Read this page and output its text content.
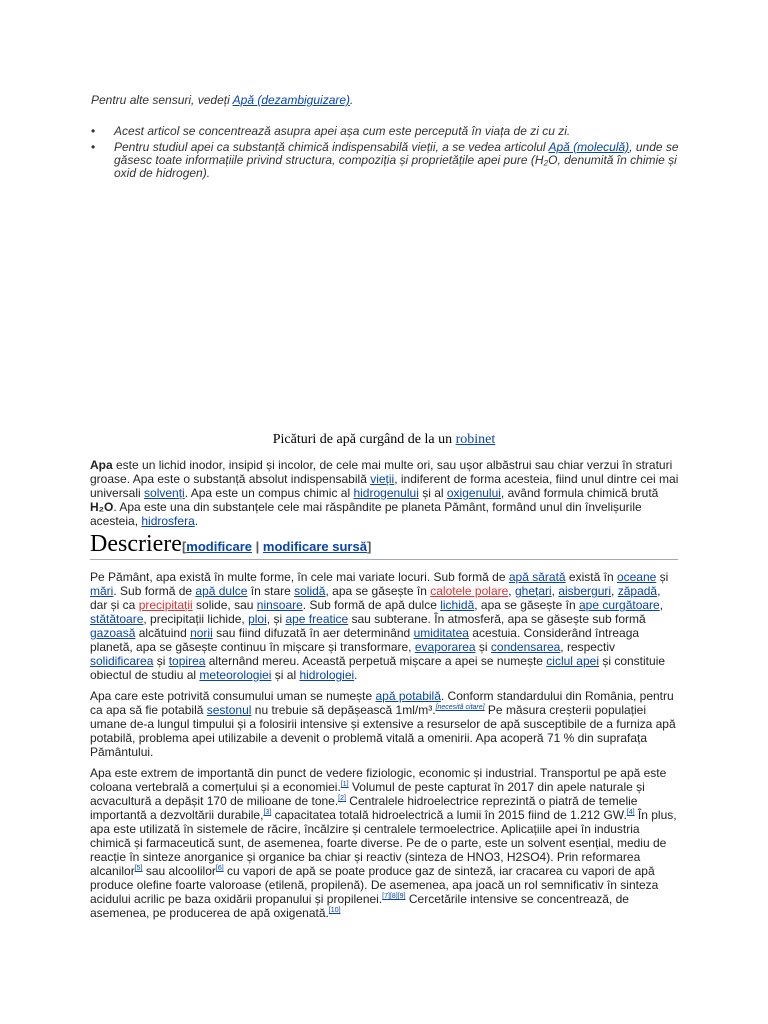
Pentru alte sensuri, vedeți Apă (dezambiguizare).

• Acest articol se concentrează asupra apei așa cum este percepută în viața de zi cu zi.
• Pentru studiul apei ca substanță chimică indispensabilă vieții, a se vedea articolul Apă (moleculă), unde se găsesc toate informațiile privind structura, compoziția și proprietățile apei pure (H₂O, denumită în chimie și oxid de hidrogen).

Picături de apă curgând de la un robinet

Apa este un lichid inodor, insipid și incolor, de cele mai multe ori, sau ușor albăstrui sau chiar verzui în straturi groase. Apa este o substanță absolut indispensabilă vieții, indiferent de forma acesteia, fiind unul dintre cei mai universali solvenți. Apa este un compus chimic al hidrogenului și al oxigenului, având formula chimică brută H₂O. Apa este una din substanțele cele mai răspândite pe planeta Pământ, formând unul din învelișurile acesteia, hidrosfera.

Descriere[modificare | modificare sursă]

Pe Pământ, apa există în multe forme, în cele mai variate locuri. Sub formă de apă sărată există în oceane și mări. Sub formă de apă dulce în stare solidă, apa se găsește în calotele polare, ghețari, aisberguri, zăpadă, dar și ca precipitații solide, sau ninsoare. Sub formă de apă dulce lichidă, apa se găsește în ape curgătoare, stătătoare, precipitații lichide, ploi, și ape freatice sau subterane. În atmosferă, apa se găsește sub formă gazoasă alcătuind norii sau fiind difuzată în aer determinând umiditatea acestuia. Considerând întreaga planetă, apa se găsește continuu în mișcare și transformare, evaporarea și condensarea, respectiv solidificarea și topirea alternând mereu. Această perpetuă mișcare a apei se numește ciclul apei și constituie obiectul de studiu al meteorologiei și al hidrologiei.

Apa care este potrivită consumului uman se numește apă potabilă. Conform standardului din România, pentru ca apa să fie potabilă sestonul nu trebuie să depășească 1ml/m³.[necesită citare] Pe măsura creșterii populației umane de-a lungul timpului și a folosirii intensive și extensive a resurselor de apă susceptibile de a furniza apă potabilă, problema apei utilizabile a devenit o problemă vitală a omenirii. Apa acoperă 71 % din suprafața Pământului.

Apa este extrem de importantă din punct de vedere fiziologic, economic și industrial. Transportul pe apă este coloana vertebrală a comerțului și a economiei.[1] Volumul de peste capturat în 2017 din apele naturale și acvacultură a depășit 170 de milioane de tone.[2] Centralele hidroelectrice reprezintă o piatră de temelie importantă a dezvoltării durabile,[3] capacitatea totală hidroelectrică a lumii în 2015 fiind de 1.212 GW.[4] În plus, apa este utilizată în sistemele de răcire, încălzire și centralele termoelectrice. Aplicațiile apei în industria chimică și farmaceutică sunt, de asemenea, foarte diverse. Pe de o parte, este un solvent esențial, mediu de reacție în sinteze anorganice și organice ba chiar și reactiv (sinteza de HNO3, H2SO4). Prin reformarea alcanilor[5] sau alcoolilor[6] cu vapori de apă se poate produce gaz de sinteză, iar cracarea cu vapori de apă produce olefine foarte valoroase (etilenă, propilenă). De asemenea, apa joacă un rol semnificativ în sinteza acidului acrilic pe baza oxidării propanului și propilenei.[7][8][9] Cercetările intensive se concentrează, de asemenea, pe producerea de apă oxigenată.[10]
